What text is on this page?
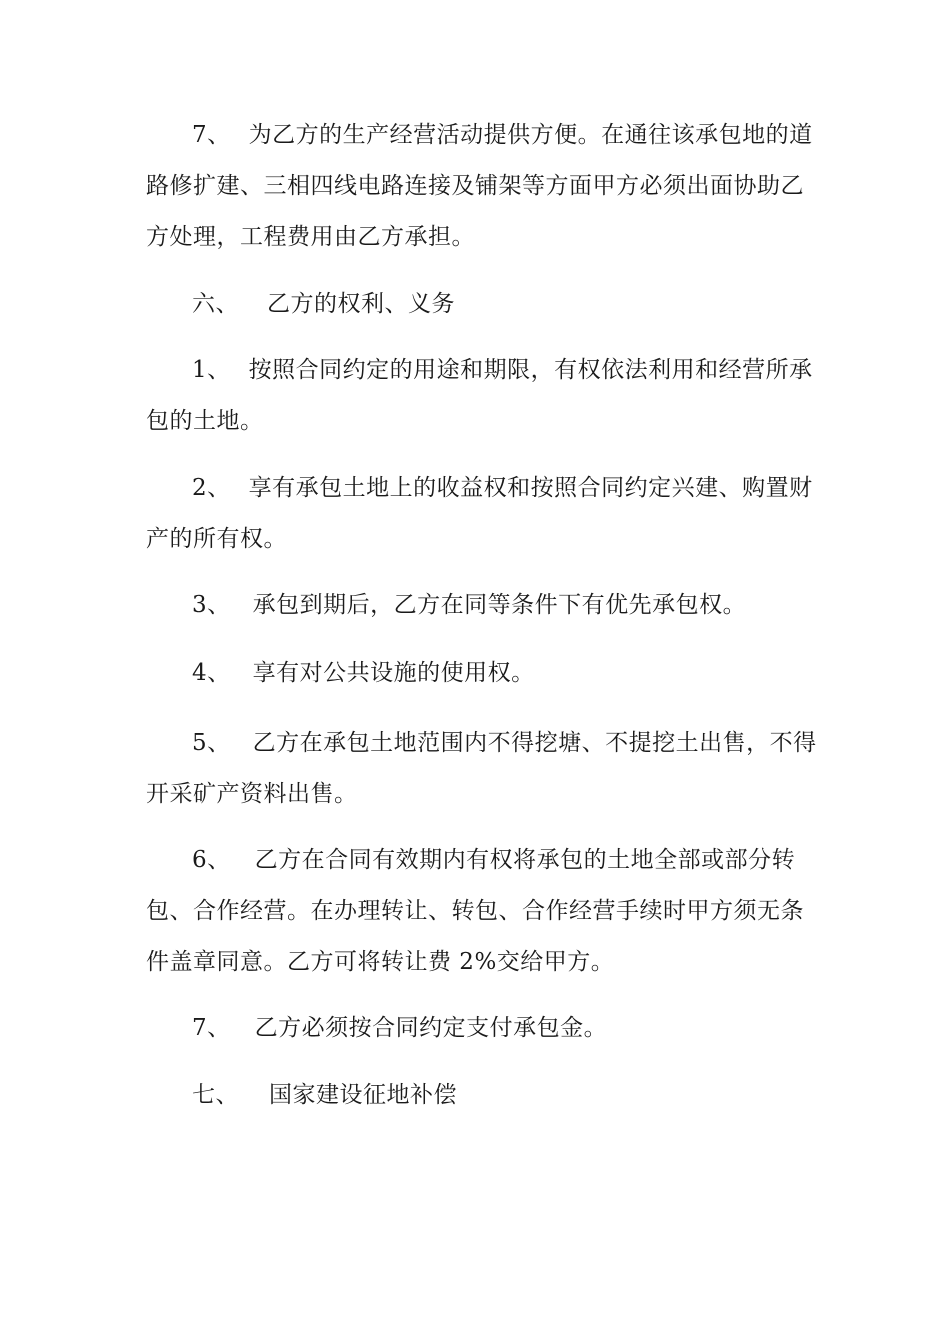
7、 为乙方的生产经营活动提供方便。在通往该承包地的道
路修扩建、三相四线电路连接及铺架等方面甲方必须出面协助乙
方处理，工程费用由乙方承担。
六、 乙方的权利、义务
1、 按照合同约定的用途和期限，有权依法利用和经营所承
包的土地。
2、 享有承包土地上的收益权和按照合同约定兴建、购置财
产的所有权。
3、 承包到期后，乙方在同等条件下有优先承包权。
4、 享有对公共设施的使用权。
5、 乙方在承包土地范围内不得挖塘、不提挖土出售，不得
开采矿产资料出售。
6、 乙方在合同有效期内有权将承包的土地全部或部分转
包、合作经营。在办理转让、转包、合作经营手续时甲方须无条
件盖章同意。乙方可将转让费 2%交给甲方。
7、 乙方必须按合同约定支付承包金。
七、 国家建设征地补偿
